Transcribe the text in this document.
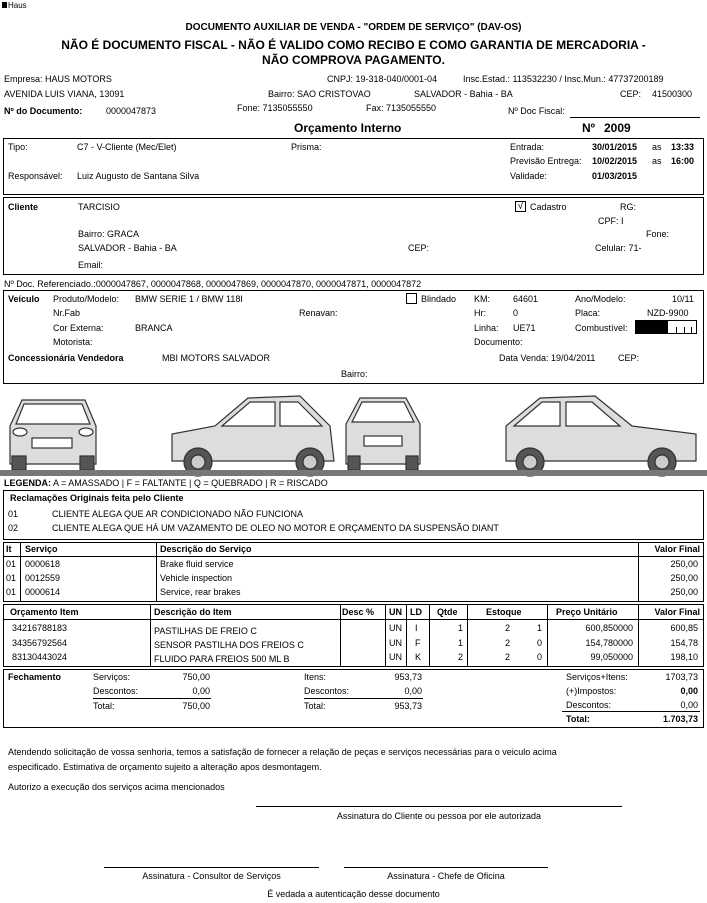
Haus
DOCUMENTO AUXILIAR DE VENDA - "ORDEM DE SERVIÇO" (DAV-OS)
NÃO É DOCUMENTO FISCAL - NÃO É VALIDO COMO RECIBO E COMO GARANTIA DE MERCADORIA -
NÃO COMPROVA PAGAMENTO.
Empresa: HAUS MOTORS	CNPJ: 19-318-040/0001-04	Insc.Estad.: 113532230 / Insc.Mun.: 47737200189
AVENIDA LUIS VIANA, 13091	Bairro: SAO CRISTOVAO	SALVADOR - Bahia - BA	CEP: 41500300
Nº do Documento:	0000047873	Fone: 7135055550	Fax: 7135055550	Nº Doc Fiscal:
Orçamento Interno	Nº 2009
Tipo:	C7 - V-Cliente (Mec/Elet)	Prisma:	Entrada:	30/01/2015 as 13:33
Previsão Entrega: 10/02/2015 as 16:00
Responsável: Luiz Augusto de Santana Silva	Validade:	01/03/2015
Cliente	TARCISIO	√ Cadastro	RG:
CPF: I
Bairro: GRACA	Fone:
SALVADOR - Bahia - BA	CEP:	Celular: 71-
Email:
Nº Doc. Referenciado.:0000047867, 0000047868, 0000047869, 0000047870, 0000047871, 0000047872
Veículo Produto/Modelo: BMW SERIE 1 / BMW 118I	Blindado KM:	64601	Ano/Modelo:	10/11
Nr.Fab	Renavan:	Hr:	0	Placa:	NZD-9900
Cor Externa:	BRANCA	Linha: UE71	Combustível:
Motorista:	Documento:
Concessionária Vendedora	MBI MOTORS SALVADOR	Data Venda: 19/04/2011	CEP:
Bairro:
LEGENDA: A = AMASSADO | F = FALTANTE | Q = QUEBRADO | R = RISCADO
Reclamações Originais feita pelo Cliente
01	CLIENTE ALEGA QUE AR CONDICIONADO NÃO FUNCIONA
02	CLIENTE ALEGA QUE HÁ UM VAZAMENTO DE OLEO NO MOTOR E ORÇAMENTO DA SUSPENSÃO DIANT
It Serviço	Descrição do Serviço	Valor Final
01 0000618	Brake fluid service	250,00
01 0012559	Vehicle inspection	250,00
01 0000614	Service, rear brakes	250,00
Orçamento Item	Descrição do Item	Desc % UN LD Qtde	Estoque	Preço Unitário	Valor Final
34216788183	PASTILHAS DE FREIO C	UN I	1	2	1	600,850000	600,85
34356792564	SENSOR PASTILHA DOS FREIOS C	UN F	1	2	0	154,780000	154,78
83130443024	FLUIDO PARA FREIOS 500 ML B	UN K	2	2	0	99,050000	198,10
Fechamento	Serviços:	750,00
Descontos:	0,00
Total:	750,00
Itens:	953,73
Descontos:	0,00
Total:	953,73
Serviços+Itens:	1703,73
(+)Impostos:	0,00
Descontos:	0,00
Total:	1.703,73
Atendendo solicitação de vossa senhoria, temos a satisfação de fornecer a relação de peças e serviços necessárias para o veiculo acima
especificado. Estimativa de orçamento sujeito a alteração apos desmontagem.
Autorizo a execução dos serviços acima mencionados
Assinatura do Cliente ou pessoa por ele autorizada
Assinatura - Consultor de Serviços	Assinatura - Chefe de Oficina
É vedada a autenticação desse documento
